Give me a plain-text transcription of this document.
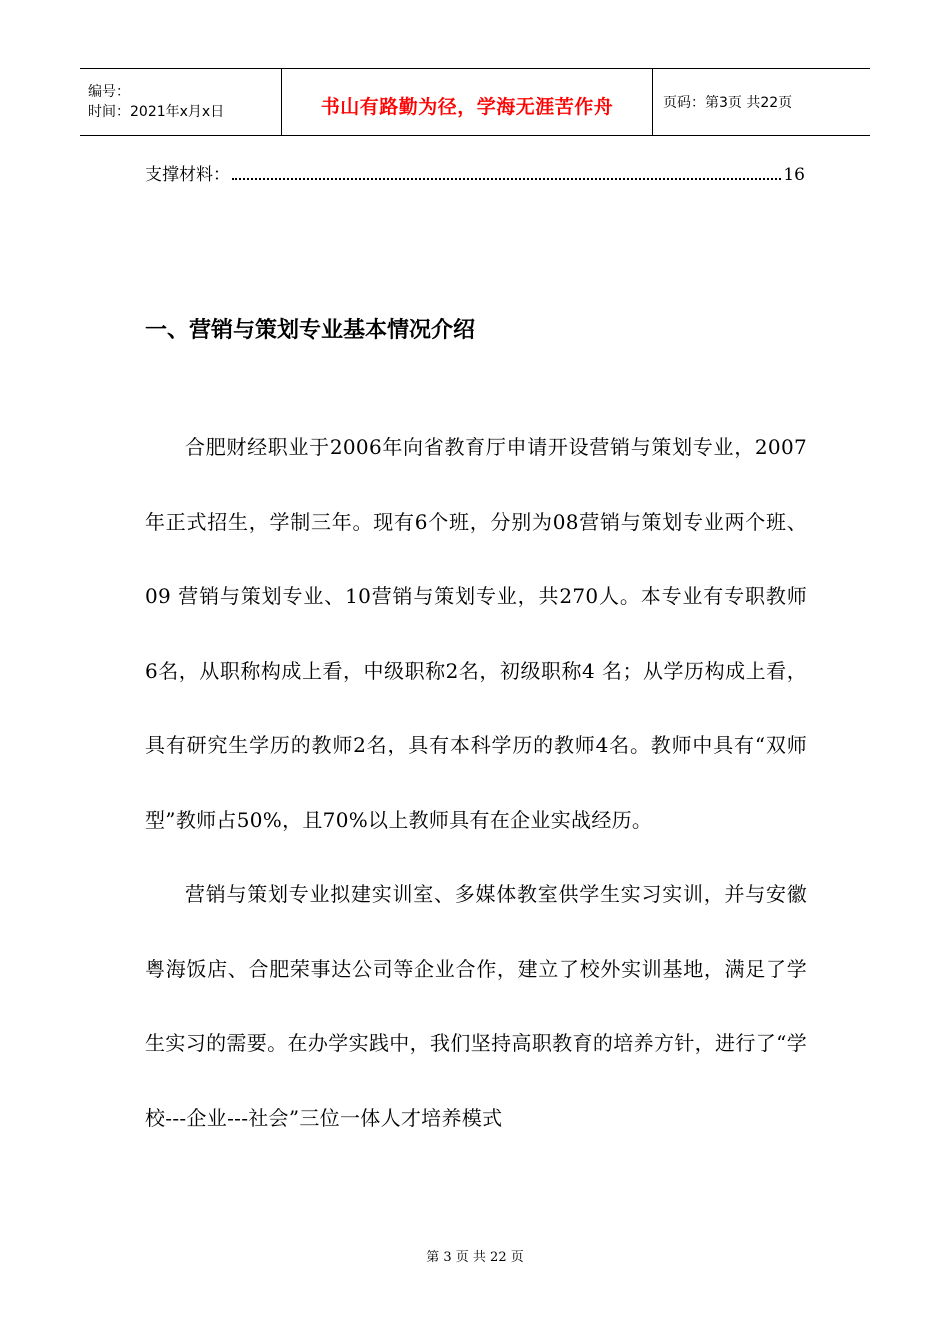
编号：
时间：2021年x月x日	书山有路勤为径，学海无涯苦作舟	页码：第3页 共22页
支撑材料：	16
一、营销与策划专业基本情况介绍

合肥财经职业于2006年向省教育厅申请开设营销与策划专业，2007年正式招生，学制三年。现有6个班，分别为08营销与策划专业两个班、09 营销与策划专业、10营销与策划专业，共270人。本专业有专职教师 6名，从职称构成上看，中级职称2名，初级职称4 名；从学历构成上看，具有研究生学历的教师2名，具有本科学历的教师4名。教师中具有“双师型”教师占50%，且70%以上教师具有在企业实战经历。

营销与策划专业拟建实训室、多媒体教室供学生实习实训，并与安徽粤海饭店、合肥荣事达公司等企业合作，建立了校外实训基地，满足了学生实习的需要。在办学实践中，我们坚持高职教育的培养方针，进行了“学校---企业---社会”三位一体人才培养模式

第 3 页 共 22 页
